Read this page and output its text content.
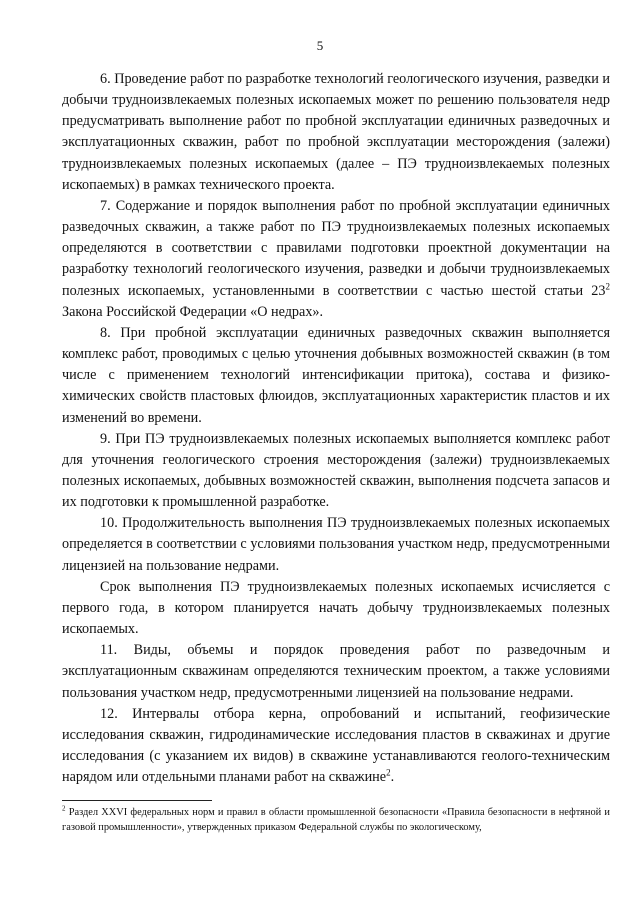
5

6. Проведение работ по разработке технологий геологического изучения, разведки и добычи трудноизвлекаемых полезных ископаемых может по решению пользователя недр предусматривать выполнение работ по пробной эксплуатации единичных разведочных и эксплуатационных скважин, работ по пробной эксплуатации месторождения (залежи) трудноизвлекаемых полезных ископаемых (далее – ПЭ трудноизвлекаемых полезных ископаемых) в рамках технического проекта.

7. Содержание и порядок выполнения работ по пробной эксплуатации единичных разведочных скважин, а также работ по ПЭ трудноизвлекаемых полезных ископаемых определяются в соответствии с правилами подготовки проектной документации на разработку технологий геологического изучения, разведки и добычи трудноизвлекаемых полезных ископаемых, установленными в соответствии с частью шестой статьи $23^2$ Закона Российской Федерации «О недрах».

8. При пробной эксплуатации единичных разведочных скважин выполняется комплекс работ, проводимых с целью уточнения добывных возможностей скважин (в том числе с применением технологий интенсификации притока), состава и физико-химических свойств пластовых флюидов, эксплуатационных характеристик пластов и их изменений во времени.

9. При ПЭ трудноизвлекаемых полезных ископаемых выполняется комплекс работ для уточнения геологического строения месторождения (залежи) трудноизвлекаемых полезных ископаемых, добывных возможностей скважин, выполнения подсчета запасов и их подготовки к промышленной разработке.

10. Продолжительность выполнения ПЭ трудноизвлекаемых полезных ископаемых определяется в соответствии с условиями пользования участком недр, предусмотренными лицензией на пользование недрами.

Срок выполнения ПЭ трудноизвлекаемых полезных ископаемых исчисляется с первого года, в котором планируется начать добычу трудноизвлекаемых полезных ископаемых.

11. Виды, объемы и порядок проведения работ по разведочным и эксплуатационным скважинам определяются техническим проектом, а также условиями пользования участком недр, предусмотренными лицензией на пользование недрами.

12. Интервалы отбора керна, опробований и испытаний, геофизические исследования скважин, гидродинамические исследования пластов в скважинах и другие исследования (с указанием их видов) в скважине устанавливаются геолого-техническим нарядом или отдельными планами работ на скважине$^2$.

$^2$ Раздел XXVI федеральных норм и правил в области промышленной безопасности «Правила безопасности в нефтяной и газовой промышленности», утвержденных приказом Федеральной службы по экологическому,
